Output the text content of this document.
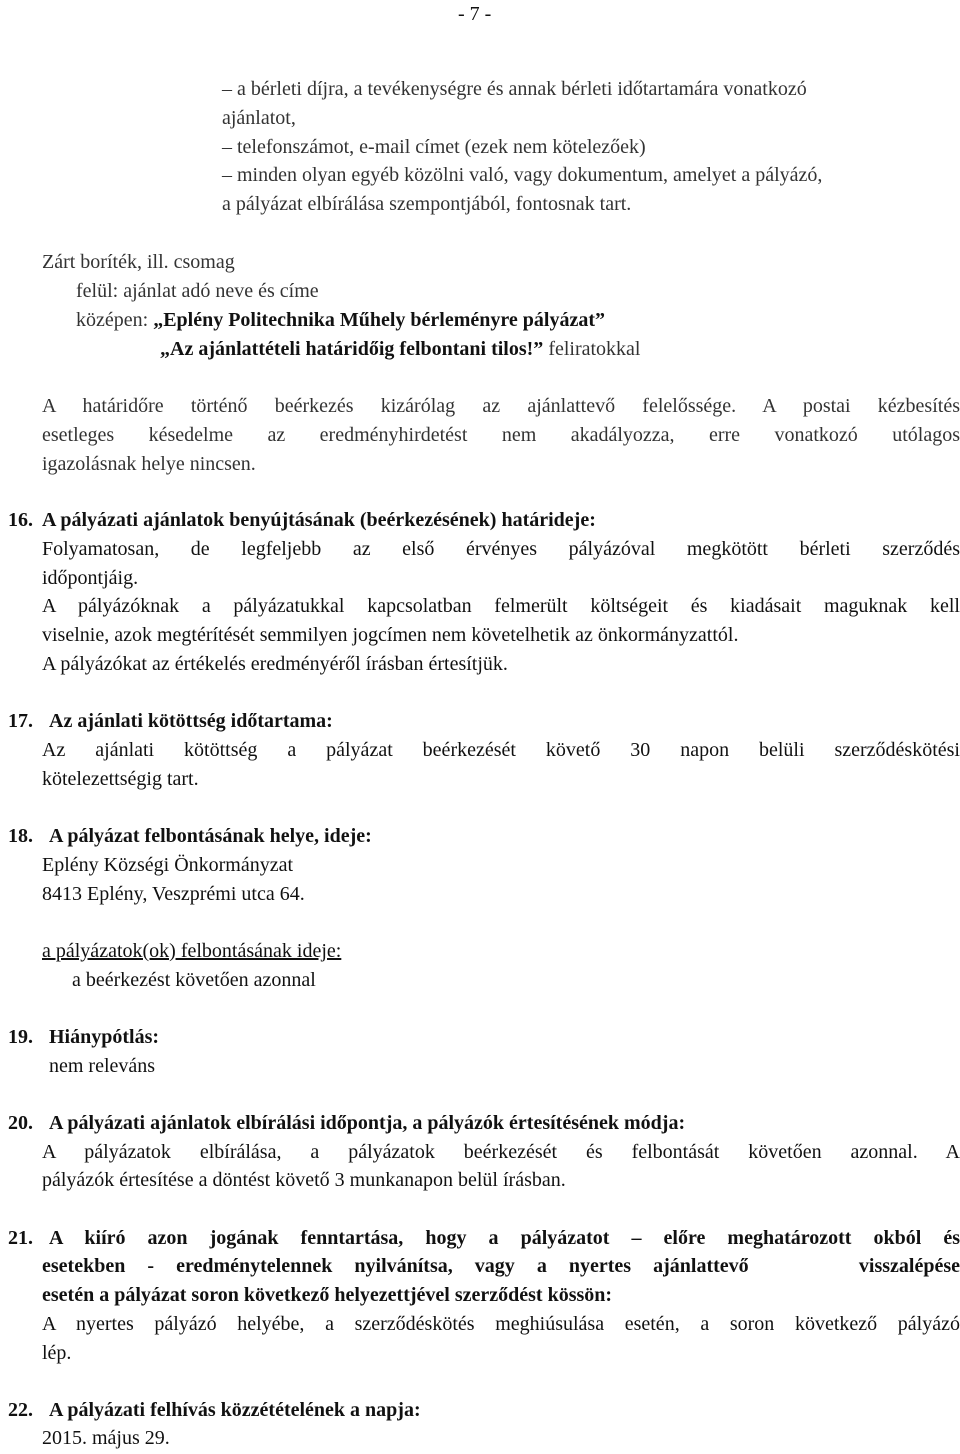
- 7 -
– a bérleti díjra, a tevékenységre és annak bérleti időtartamára vonatkozó
ajánlatot,
– telefonszámot, e-mail címet (ezek nem kötelezőek)
– minden olyan egyéb közölni való, vagy dokumentum, amelyet a pályázó,
a pályázat elbírálása szempontjából, fontosnak tart.
Zárt boríték, ill. csomag
felül: ajánlat adó neve és címe
középen: „Eplény Politechnika Műhely bérleményre pályázat”
„Az ajánlattételi határidőig felbontani tilos!” feliratokkal
A határidőre történő beérkezés kizárólag az ajánlattevő felelőssége. A postai kézbesítés
esetleges késedelme az eredményhirdetést nem akadályozza, erre vonatkozó utólagos
igazolásnak helye nincsen.
16. A pályázati ajánlatok benyújtásának (beérkezésének) határideje:
Folyamatosan, de legfeljebb az első érvényes pályázóval megkötött bérleti szerződés
időpontjáig.
A pályázóknak a pályázatukkal kapcsolatban felmerült költségeit és kiadásait maguknak kell
viselnie, azok megtérítését semmilyen jogcímen nem követelhetik az önkormányzattól.
A pályázókat az értékelés eredményéről írásban értesítjük.
17. Az ajánlati kötöttség időtartama:
Az ajánlati kötöttség a pályázat beérkezését követő 30 napon belüli szerződéskötési
kötelezettségig tart.
18. A pályázat felbontásának helye, ideje:
Eplény Községi Önkormányzat
8413 Eplény, Veszprémi utca 64.
a pályázatok(ok) felbontásának ideje:
a beérkezést követően azonnal
19. Hiánypótlás:
nem releváns
20. A pályázati ajánlatok elbírálási időpontja, a pályázók értesítésének módja:
A pályázatok elbírálása, a pályázatok beérkezését és felbontását követően azonnal. A
pályázók értesítése a döntést követő 3 munkanapon belül írásban.
21. A kiíró azon jogának fenntartása, hogy a pályázatot – előre meghatározott okból és
esetekben - eredménytelennek nyilvánítsa, vagy a nyertes ajánlattevő     visszalépése
esetén a pályázat soron következő helyezettjével szerződést kössön:
A nyertes pályázó helyébe, a szerződéskötés meghiúsulása esetén, a soron következő pályázó
lép.
22. A pályázati felhívás közzétételének a napja:
2015. május 29.
